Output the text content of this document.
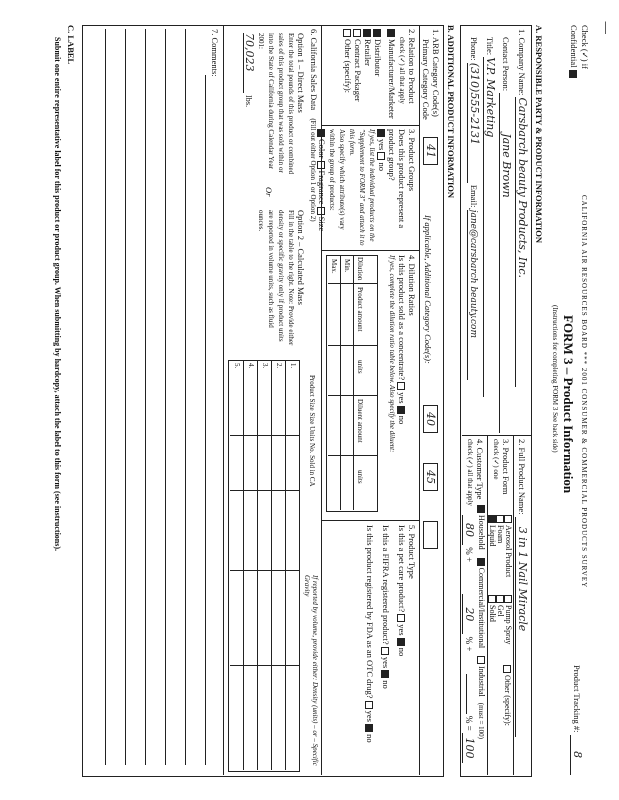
|
Check (✓) if
Confidential
CALIFORNIA AIR RESOURCES BOARD *** 2001 CONSUMER & COMMERCIAL PRODUCTS SURVEY
FORM 3 – Product Information
(Instructions for completing FORM 3 See back side)
Product Tracking #: 8
A. RESPONSIBLE PARTY & PRODUCT INFORMATION
1. Company Name: Carsbarch beauty Products, Inc.
Contact Person: Jane Brown
Title: V.P. Marketing
Phone: (310)555-2131 Email: jane@carsbarch beauty.com
2. Full Product Name: 3 in 1 Nail Miracle
3. Product Form
check (✓) one
Aerosol Product
Foam
Liquid
Pump Spray
Gel
Solid
Other (specify):
4. Customer Type
check (✓) all that apply
Household Commercial/Institutional Industrial (must = 100)
80 % + 20 % +  % = 100
B. ADDITIONAL PRODUCT INFORMATION
1. ARB Category Code(s)
Primary Category Code
41
If applicable, Additional Category Code(s):
40
45
2. Relation to Product
check (✓) all that apply
Manufacturer/Marketer
Distributor
Retailer
Contract Packager
Other (specify):
3. Product Groups
Does this product represent a product group?
yes no
If yes, list the individual products on the "Supplement to FORM 3" and attach it to this form.
Also specify which attribute(s) vary within the group of products:
Color Fragrance Size
4. Dilution Ratios
Is this product sold as a concentrate? yes no
If yes, complete the dilution ratio table below. Also specify the diluent:
Dilution
Product amount
units
Diluent amount
units
Min.
Max.
5. Product Type
Is this a pet care product? yes no
Is this a FIFRA registered product? yes no
Is this product registered by FDA as an OTC drug? yes no
6. California Sales Data (Fill out either Option 1 or Option 2)
Option 1 – Direct Mass
Enter the total pounds of this product or combined sales of this product group that was sold within or into the State of California during Calendar Year 2001:
70,023 lbs.
Or
Option 2 – Calculated Mass
Fill in the table to the right. Note: Provide either density or specific gravity only if product units are reported in volume units, such as fluid ounces.
Product Size Size Units No. Sold in CA
If reported by volume, provide either: Density (units) – or – Specific Gravity
1.
2.
3.
4.
5.
7. Comments:
C. LABEL
Submit one entire representative label for this product or product group. When submitting by hardcopy, attach the label to this form (see instructions).
